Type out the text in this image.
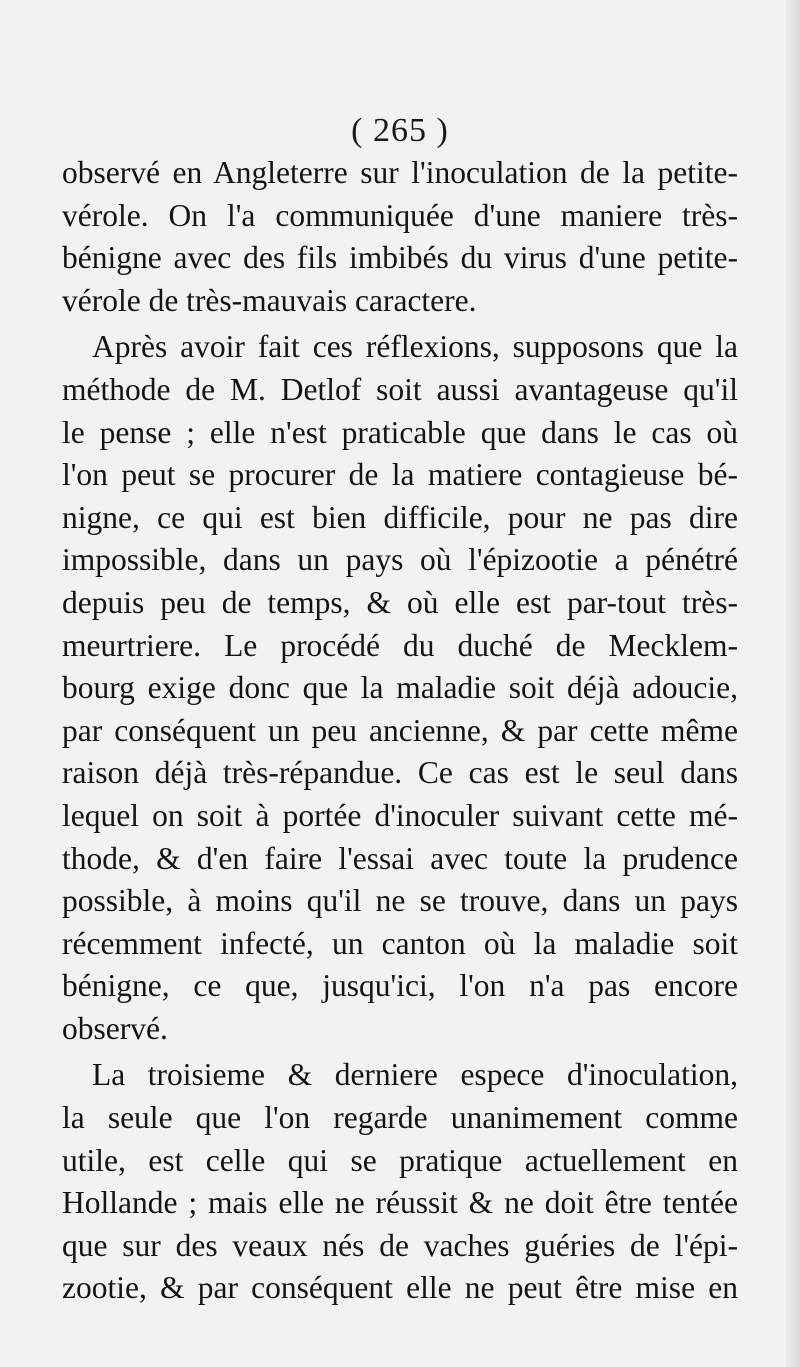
( 265 )
observé en Angleterre sur l'inoculation de la petite-
vérole. On l'a communiquée d'une maniere très-
bénigne avec des fils imbibés du virus d'une petite-
vérole de très-mauvais caractere.
Après avoir fait ces réflexions, supposons que la
méthode de M. Detlof soit aussi avantageuse qu'il
le pense ; elle n'est praticable que dans le cas où
l'on peut se procurer de la matiere contagieuse bé-
nigne, ce qui est bien difficile, pour ne pas dire
impossible, dans un pays où l'épizootie a pénétré
depuis peu de temps, & où elle est par-tout très-
meurtriere. Le procédé du duché de Mecklem-
bourg exige donc que la maladie soit déjà adoucie,
par conséquent un peu ancienne, & par cette même
raison déjà très-répandue. Ce cas est le seul dans
lequel on soit à portée d'inoculer suivant cette mé-
thode, & d'en faire l'essai avec toute la prudence
possible, à moins qu'il ne se trouve, dans un pays
récemment infecté, un canton où la maladie soit
bénigne, ce que, jusqu'ici, l'on n'a pas encore
observé.
La troisieme & derniere espece d'inoculation,
la seule que l'on regarde unanimement comme
utile, est celle qui se pratique actuellement en
Hollande ; mais elle ne réussit & ne doit être tentée
que sur des veaux nés de vaches guéries de l'épi-
zootie, & par conséquent elle ne peut être mise en
